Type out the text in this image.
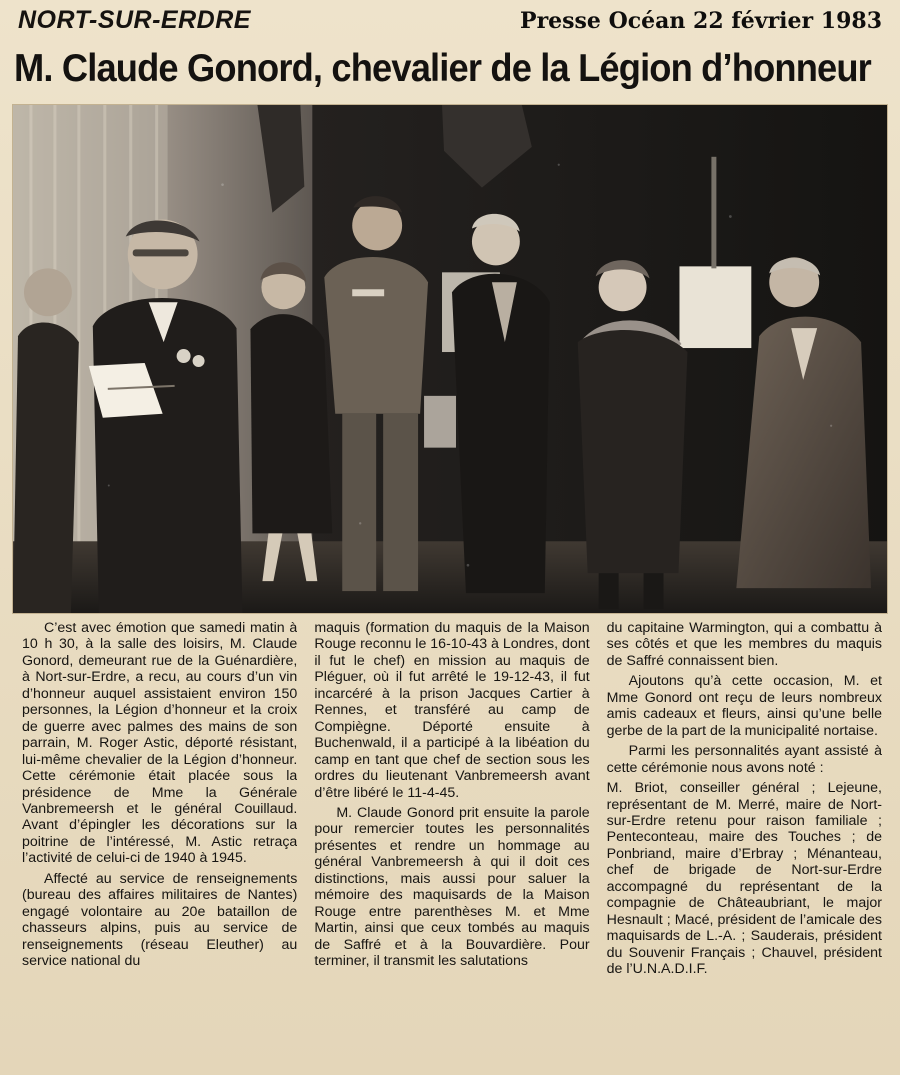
NORT-SUR-ERDRE	Presse Océan 22 février 1983
M. Claude Gonord, chevalier de la Légion d’honneur

C’est avec émotion que samedi matin à 10 h 30, à la salle des loisirs, M. Claude Gonord, demeurant rue de la Guénardière, à Nort-sur-Erdre, a recu, au cours d’un vin d’honneur auquel assistaient environ 150 personnes, la Légion d’honneur et la croix de guerre avec palmes des mains de son parrain, M. Roger Astic, déporté résistant, lui-même chevalier de la Légion d’honneur. Cette cérémonie était placée sous la présidence de Mme la Générale Vanbremeersh et le général Couillaud. Avant d’épingler les décorations sur la poitrine de l’intéressé, M. Astic retraça l’activité de celui-ci de 1940 à 1945.

Affecté au service de renseignements (bureau des affaires militaires de Nantes) engagé volontaire au 20e bataillon de chasseurs alpins, puis au service de renseignements (réseau Eleuther) au service national du

maquis (formation du maquis de la Maison Rouge reconnu le 16-10-43 à Londres, dont il fut le chef) en mission au maquis de Pléguer, où il fut arrêté le 19-12-43, il fut incarcéré à la prison Jacques Cartier à Rennes, et transféré au camp de Compiègne. Déporté ensuite à Buchenwald, il a participé à la libéation du camp en tant que chef de section sous les ordres du lieutenant Vanbremeersh avant d’être libéré le 11-4-45.

M. Claude Gonord prit ensuite la parole pour remercier toutes les personnalités présentes et rendre un hommage au général Vanbremeersh à qui il doit ces distinctions, mais aussi pour saluer la mémoire des maquisards de la Maison Rouge entre parenthèses M. et Mme Martin, ainsi que ceux tombés au maquis de Saffré et à la Bouvardière. Pour terminer, il transmit les salutations

du capitaine Warmington, qui a combattu à ses côtés et que les membres du maquis de Saffré connaissent bien.

Ajoutons qu’à cette occasion, M. et Mme Gonord ont reçu de leurs nombreux amis cadeaux et fleurs, ainsi qu’une belle gerbe de la part de la municipalité nortaise.

Parmi les personnalités ayant assisté à cette cérémonie nous avons noté :

M. Briot, conseiller général ; Lejeune, représentant de M. Merré, maire de Nort-sur-Erdre retenu pour raison familiale ; Penteconteau, maire des Touches ; de Ponbriand, maire d’Erbray ; Ménanteau, chef de brigade de Nort-sur-Erdre accompagné du représentant de la compagnie de Châteaubriant, le major Hesnault ; Macé, président de l’amicale des maquisards de L.-A. ; Sauderais, président du Souvenir Français ; Chauvel, président de l’U.N.A.D.I.F.
